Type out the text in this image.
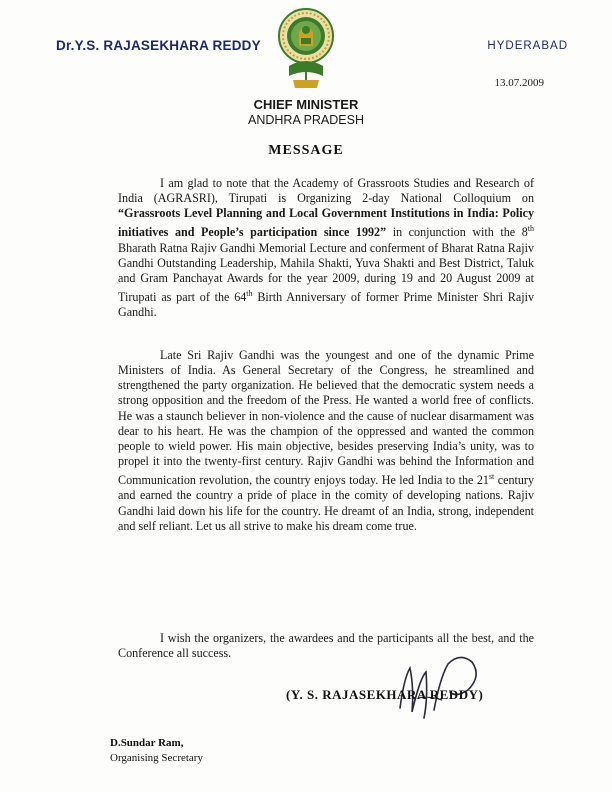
Dr.Y.S. RAJASEKHARA REDDY	HYDERABAD
13.07.2009
CHIEF MINISTER
ANDHRA PRADESH
MESSAGE

I am glad to note that the Academy of Grassroots Studies and Research of India (AGRASRI), Tirupati is Organizing 2-day National Colloquium on “Grassroots Level Planning and Local Government Institutions in India: Policy initiatives and People’s participation since 1992” in conjunction with the 8th Bharath Ratna Rajiv Gandhi Memorial Lecture and conferment of Bharat Ratna Rajiv Gandhi Outstanding Leadership, Mahila Shakti, Yuva Shakti and Best District, Taluk and Gram Panchayat Awards for the year 2009, during 19 and 20 August 2009 at Tirupati as part of the 64th Birth Anniversary of former Prime Minister Shri Rajiv Gandhi.

Late Sri Rajiv Gandhi was the youngest and one of the dynamic Prime Ministers of India. As General Secretary of the Congress, he streamlined and strengthened the party organization. He believed that the democratic system needs a strong opposition and the freedom of the Press. He wanted a world free of conflicts. He was a staunch believer in non-violence and the cause of nuclear disarmament was dear to his heart. He was the champion of the oppressed and wanted the common people to wield power. His main objective, besides preserving India’s unity, was to propel it into the twenty-first century. Rajiv Gandhi was behind the Information and Communication revolution, the country enjoys today. He led India to the 21st century and earned the country a pride of place in the comity of developing nations. Rajiv Gandhi laid down his life for the country. He dreamt of an India, strong, independent and self reliant. Let us all strive to make his dream come true.

I wish the organizers, the awardees and the participants all the best, and the Conference all success.

(Y. S. RAJASEKHARA REDDY)
D.Sundar Ram,
Organising Secretary
